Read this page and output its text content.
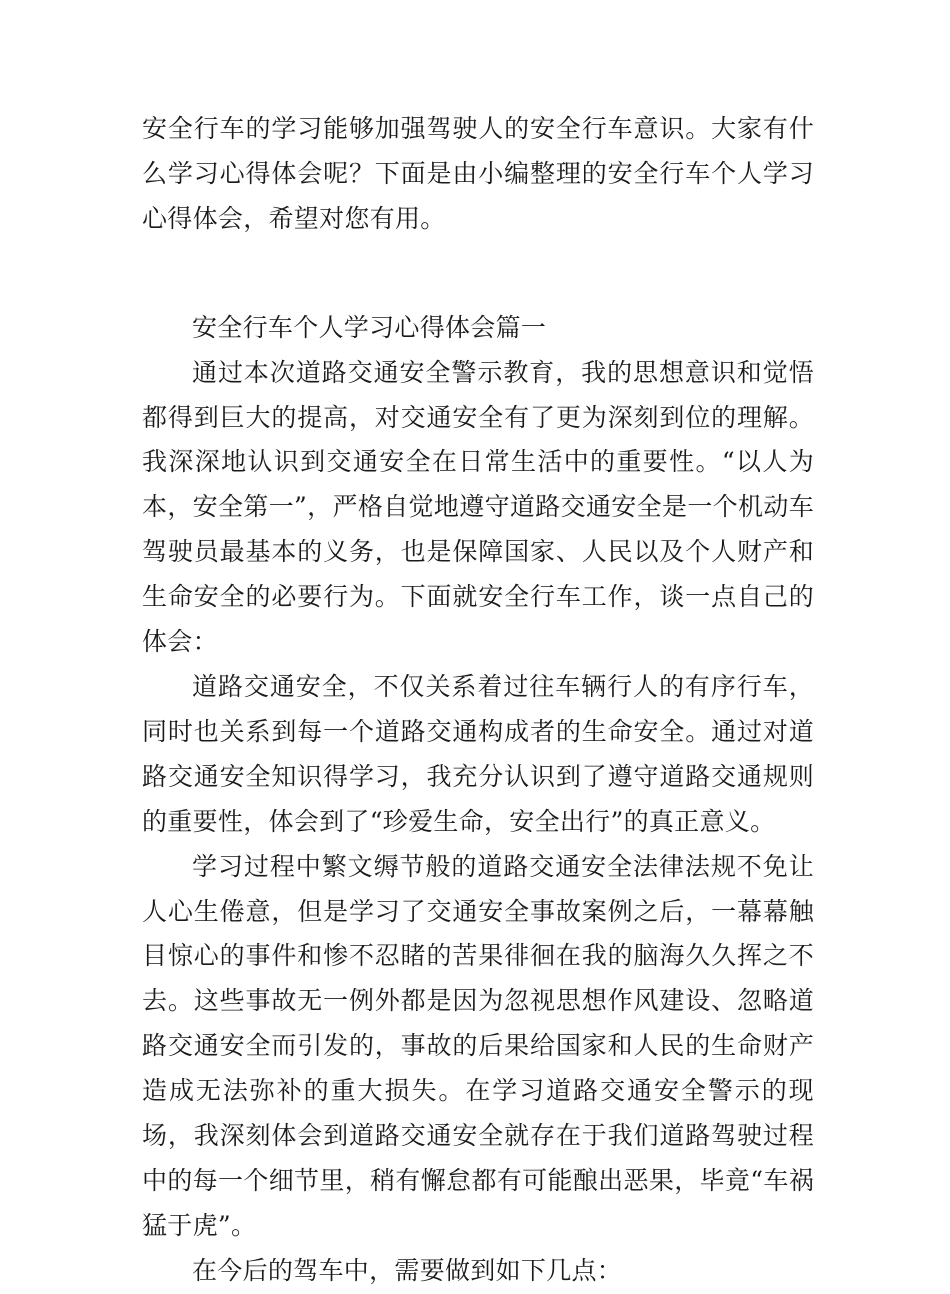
安全行车的学习能够加强驾驶人的安全行车意识。大家有什么学习心得体会呢？下面是由小编整理的安全行车个人学习心得体会，希望对您有用。

安全行车个人学习心得体会篇一

通过本次道路交通安全警示教育，我的思想意识和觉悟都得到巨大的提高，对交通安全有了更为深刻到位的理解。我深深地认识到交通安全在日常生活中的重要性。“以人为本，安全第一”，严格自觉地遵守道路交通安全是一个机动车驾驶员最基本的义务，也是保障国家、人民以及个人财产和生命安全的必要行为。下面就安全行车工作，谈一点自己的体会：

道路交通安全，不仅关系着过往车辆行人的有序行车，同时也关系到每一个道路交通构成者的生命安全。通过对道路交通安全知识得学习，我充分认识到了遵守道路交通规则的重要性，体会到了“珍爱生命，安全出行”的真正意义。

学习过程中繁文缛节般的道路交通安全法律法规不免让人心生倦意，但是学习了交通安全事故案例之后，一幕幕触目惊心的事件和惨不忍睹的苦果徘徊在我的脑海久久挥之不去。这些事故无一例外都是因为忽视思想作风建设、忽略道路交通安全而引发的，事故的后果给国家和人民的生命财产造成无法弥补的重大损失。在学习道路交通安全警示的现场，我深刻体会到道路交通安全就存在于我们道路驾驶过程中的每一个细节里，稍有懈怠都有可能酿出恶果，毕竟“车祸猛于虎”。

在今后的驾车中，需要做到如下几点：
